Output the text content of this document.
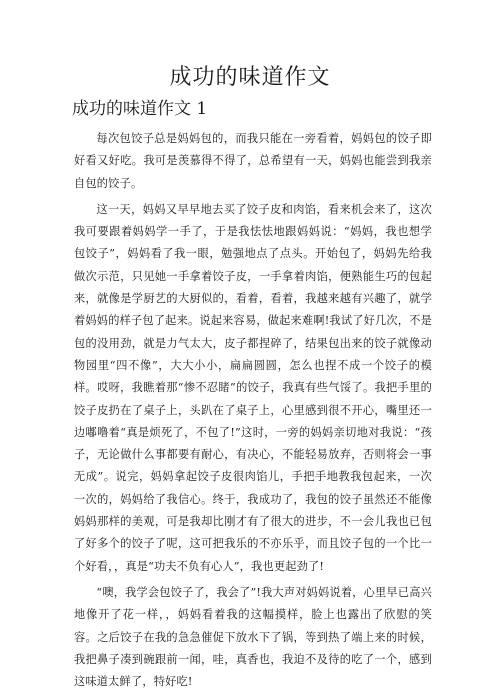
成功的味道作文
成功的味道作文 1

每次包饺子总是妈妈包的，而我只能在一旁看着，妈妈包的饺子即好看又好吃。我可是羡慕得不得了，总希望有一天，妈妈也能尝到我亲自包的饺子。

这一天，妈妈又早早地去买了饺子皮和肉馅，看来机会来了，这次我可要跟着妈妈学一手了，于是我怯怯地跟妈妈说：“妈妈，我也想学包饺子”，妈妈看了我一眼，勉强地点了点头。开始包了，妈妈先给我做次示范，只见她一手拿着饺子皮，一手拿着肉馅，便熟能生巧的包起来，就像是学厨艺的大厨似的，看着，看着，我越来越有兴趣了，就学着妈妈的样子包了起来。说起来容易，做起来难啊!我试了好几次，不是包的没用劲，就是力气太大，皮子都捏碎了，结果包出来的饺子就像动物园里“四不像”，大大小小，扁扁圆圆，怎么也捏不成一个饺子的模样。哎呀，我瞧着那“惨不忍睹”的饺子，我真有些气馁了。我把手里的饺子皮扔在了桌子上，头趴在了桌子上，心里感到很不开心，嘴里还一边嘟噜着“真是烦死了，不包了!”这时，一旁的妈妈亲切地对我说：“孩子，无论做什么事都要有耐心，有决心，不能轻易放弃，否则将会一事无成”。说完，妈妈拿起饺子皮很肉馅儿，手把手地教我包起来，一次一次的，妈妈给了我信心。终于，我成功了，我包的饺子虽然还不能像妈妈那样的美观，可是我却比刚才有了很大的进步，不一会儿我也已包了好多个的饺子了呢，这可把我乐的不亦乐乎，而且饺子包的一个比一个好看，，真是“功夫不负有心人”，我也更起劲了!

“噢，我学会包饺子了，我会了”!我大声对妈妈说着，心里早已高兴地像开了花一样，，妈妈看着我的这幅摸样，脸上也露出了欣慰的笑容。之后饺子在我的急急催促下放水下了锅，等到热了端上来的时候，我把鼻子凑到碗跟前一闻，哇，真香也，我迫不及待的吃了一个，感到这味道太鲜了，特好吃!
